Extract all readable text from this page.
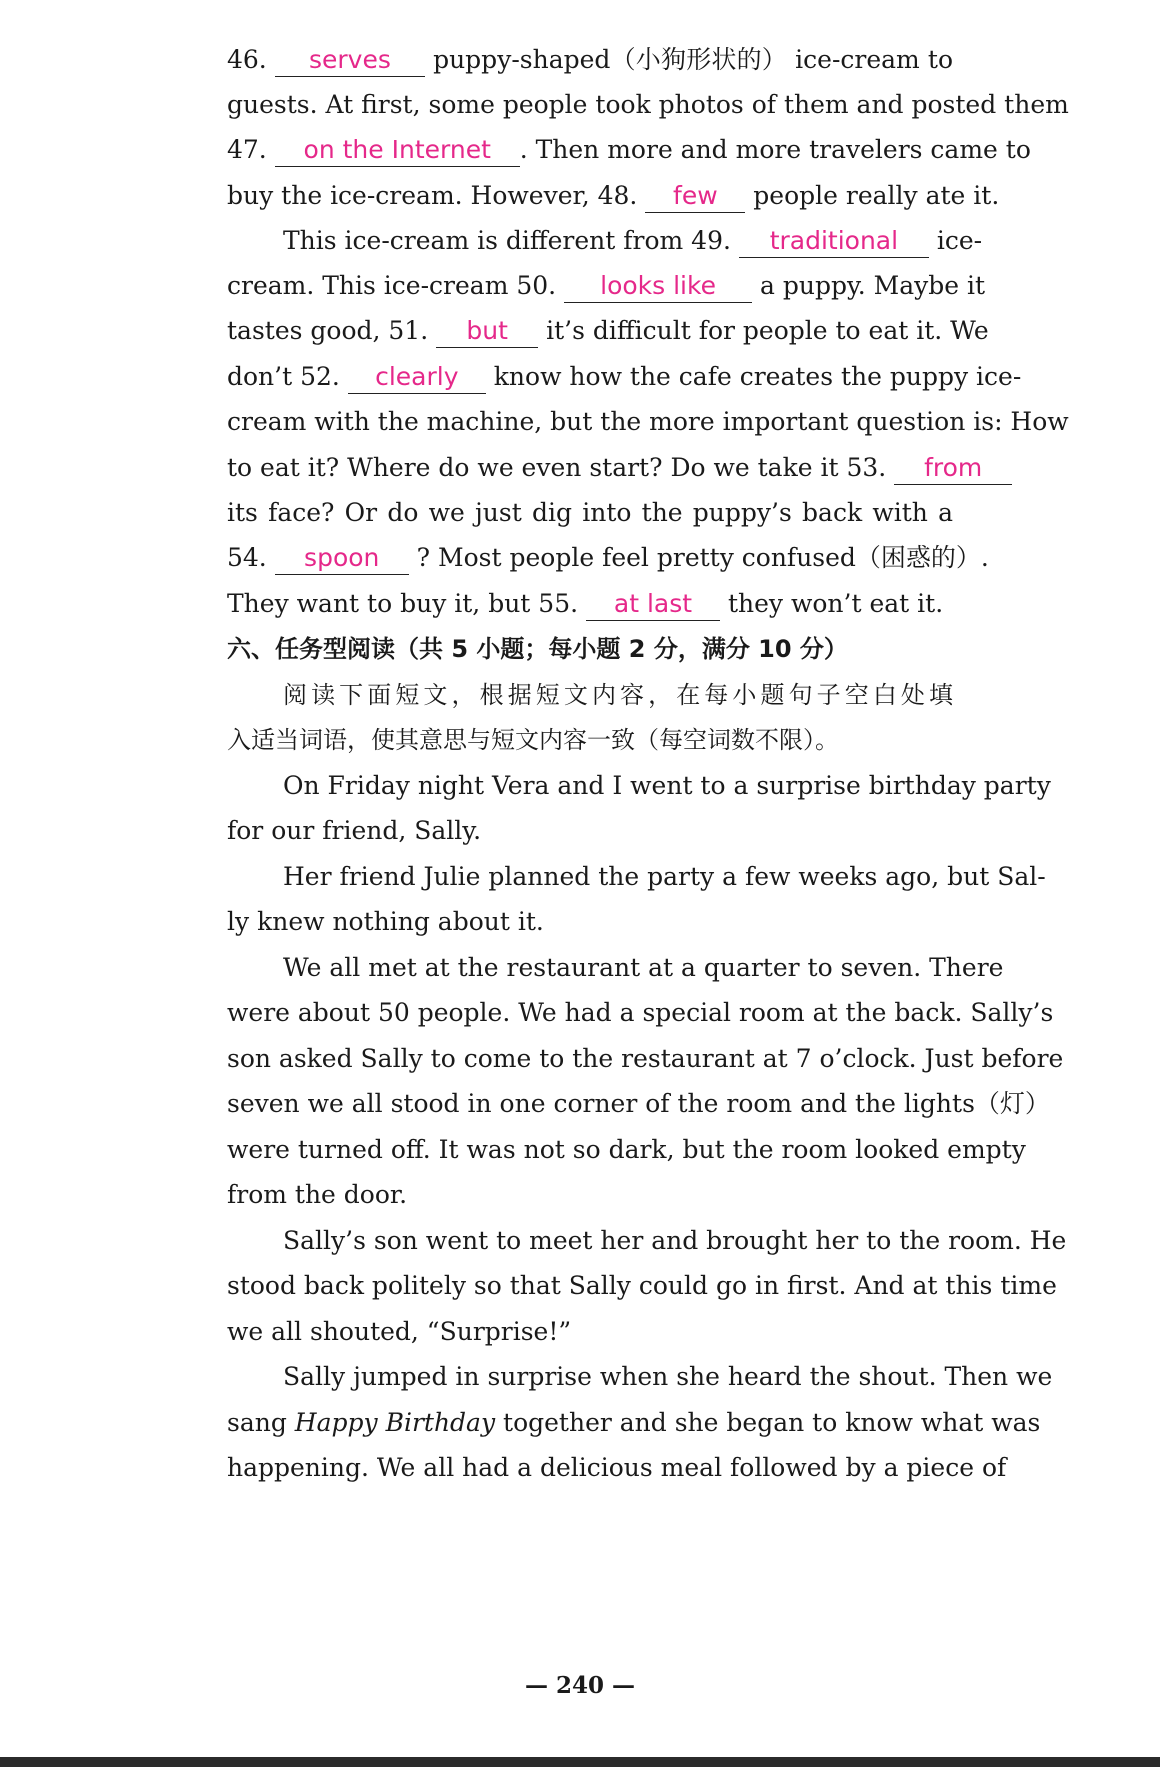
46. serves puppy-shaped（小狗形状的） ice-cream to
guests. At first, some people took photos of them and posted them
47. on the Internet . Then more and more travelers came to
buy the ice-cream. However, 48. few people really ate it.
This ice-cream is different from 49. traditional ice-
cream. This ice-cream 50. looks like a puppy. Maybe it
tastes good, 51. but it’s difficult for people to eat it. We
don’t 52. clearly know how the cafe creates the puppy ice-
cream with the machine, but the more important question is: How
to eat it? Where do we even start? Do we take it 53. from
its face? Or do we just dig into the puppy’s back with a
54. spoon ? Most people feel pretty confused（困惑的）.
They want to buy it, but 55. at last they won’t eat it.
六、任务型阅读（共 5 小题；每小题 2 分，满分 10 分）
阅读下面短文，根据短文内容，在每小题句子空白处填
入适当词语，使其意思与短文内容一致（每空词数不限）。
On Friday night Vera and I went to a surprise birthday party
for our friend, Sally.
Her friend Julie planned the party a few weeks ago, but Sal-
ly knew nothing about it.
We all met at the restaurant at a quarter to seven. There
were about 50 people. We had a special room at the back. Sally’s
son asked Sally to come to the restaurant at 7 o’clock. Just before
seven we all stood in one corner of the room and the lights（灯）
were turned off. It was not so dark, but the room looked empty
from the door.
Sally’s son went to meet her and brought her to the room. He
stood back politely so that Sally could go in first. And at this time
we all shouted, “Surprise!”
Sally jumped in surprise when she heard the shout. Then we
sang Happy Birthday together and she began to know what was
happening. We all had a delicious meal followed by a piece of
— 240 —
